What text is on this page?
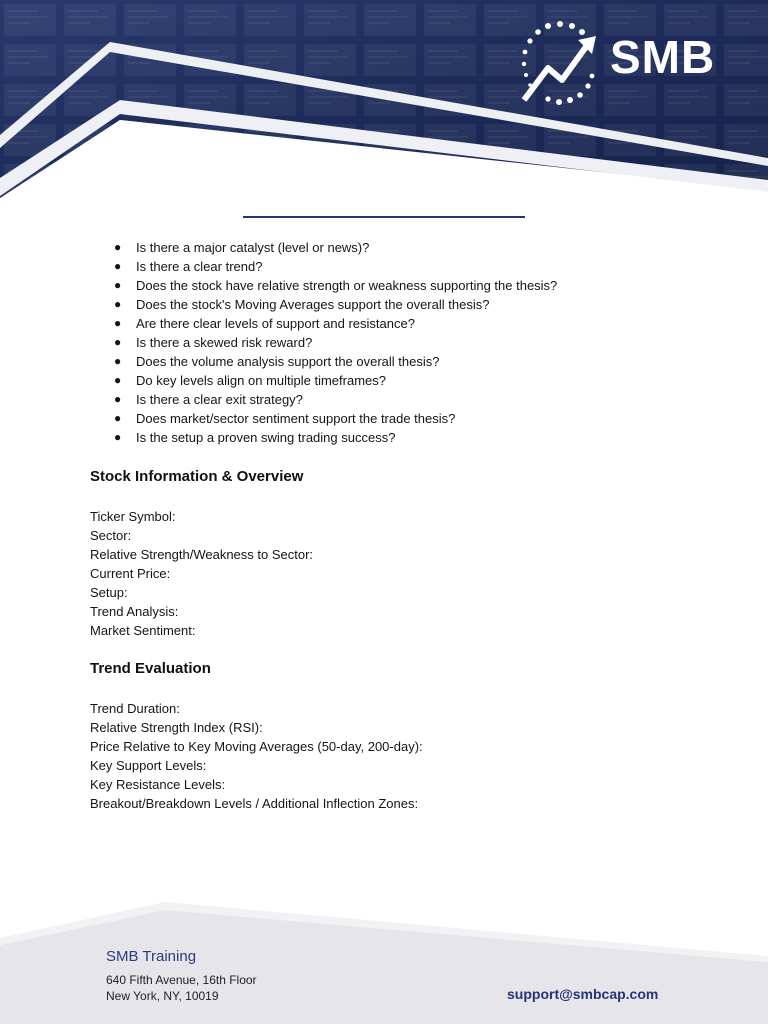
SMB
● Is there a major catalyst (level or news)?
● Is there a clear trend?
● Does the stock have relative strength or weakness supporting the thesis?
● Does the stock's Moving Averages support the overall thesis?
● Are there clear levels of support and resistance?
● Is there a skewed risk reward?
● Does the volume analysis support the overall thesis?
● Do key levels align on multiple timeframes?
● Is there a clear exit strategy?
● Does market/sector sentiment support the trade thesis?
● Is the setup a proven swing trading success?
Stock Information & Overview
Ticker Symbol:
Sector:
Relative Strength/Weakness to Sector:
Current Price:
Setup:
Trend Analysis:
Market Sentiment:
Trend Evaluation
Trend Duration:
Relative Strength Index (RSI):
Price Relative to Key Moving Averages (50-day, 200-day):
Key Support Levels:
Key Resistance Levels:
Breakout/Breakdown Levels / Additional Inflection Zones:
SMB Training
640 Fifth Avenue, 16th Floor
New York, NY, 10019	support@smbcap.com
